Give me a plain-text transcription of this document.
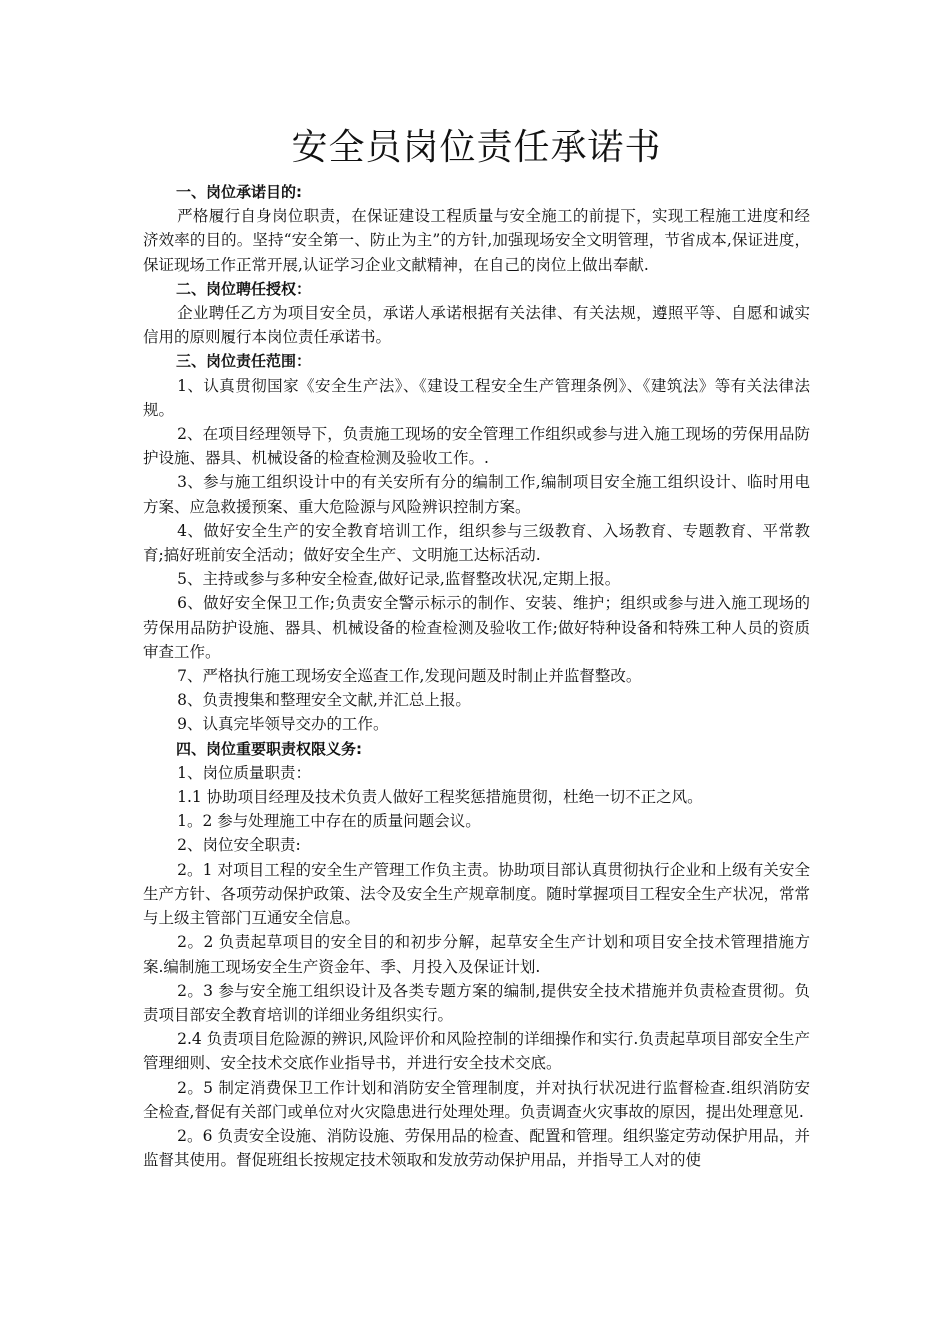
安全员岗位责任承诺书

一、岗位承诺目的:

严格履行自身岗位职责，在保证建设工程质量与安全施工的前提下，实现工程施工进度和经济效率的目的。坚持“安全第一、防止为主”的方针,加强现场安全文明管理，节省成本,保证进度，保证现场工作正常开展,认证学习企业文献精神，在自己的岗位上做出奉献.

二、岗位聘任授权：

企业聘任乙方为项目安全员，承诺人承诺根据有关法律、有关法规，遵照平等、自愿和诚实信用的原则履行本岗位责任承诺书。

三、岗位责任范围：

1、认真贯彻国家《安全生产法》、《建设工程安全生产管理条例》、《建筑法》等有关法律法规。

2、在项目经理领导下，负责施工现场的安全管理工作组织或参与进入施工现场的劳保用品防护设施、器具、机械设备的检查检测及验收工作。.

3、参与施工组织设计中的有关安所有分的编制工作,编制项目安全施工组织设计、临时用电方案、应急救援预案、重大危险源与风险辨识控制方案。

4、做好安全生产的安全教育培训工作，组织参与三级教育、入场教育、专题教育、平常教育;搞好班前安全活动；做好安全生产、文明施工达标活动.

5、主持或参与多种安全检查,做好记录,监督整改状况,定期上报。

6、做好安全保卫工作;负责安全警示标示的制作、安装、维护；组织或参与进入施工现场的劳保用品防护设施、器具、机械设备的检查检测及验收工作;做好特种设备和特殊工种人员的资质审查工作。

7、严格执行施工现场安全巡查工作,发现问题及时制止并监督整改。

8、负责搜集和整理安全文献,并汇总上报。

9、认真完毕领导交办的工作。

四、岗位重要职责权限义务:

1、岗位质量职责：

1.1 协助项目经理及技术负责人做好工程奖惩措施贯彻，杜绝一切不正之风。

1。2 参与处理施工中存在的质量问题会议。

2、岗位安全职责:

2。1 对项目工程的安全生产管理工作负主责。协助项目部认真贯彻执行企业和上级有关安全生产方针、各项劳动保护政策、法令及安全生产规章制度。随时掌握项目工程安全生产状况，常常与上级主管部门互通安全信息。

2。2 负责起草项目的安全目的和初步分解，起草安全生产计划和项目安全技术管理措施方案.编制施工现场安全生产资金年、季、月投入及保证计划.

2。3 参与安全施工组织设计及各类专题方案的编制,提供安全技术措施并负责检查贯彻。负责项目部安全教育培训的详细业务组织实行。

2.4 负责项目危险源的辨识,风险评价和风险控制的详细操作和实行.负责起草项目部安全生产管理细则、安全技术交底作业指导书，并进行安全技术交底。

2。5 制定消费保卫工作计划和消防安全管理制度，并对执行状况进行监督检查.组织消防安全检查,督促有关部门或单位对火灾隐患进行处理处理。负责调查火灾事故的原因，提出处理意见.

2。6 负责安全设施、消防设施、劳保用品的检查、配置和管理。组织鉴定劳动保护用品，并监督其使用。督促班组长按规定技术领取和发放劳动保护用品，并指导工人对的使
